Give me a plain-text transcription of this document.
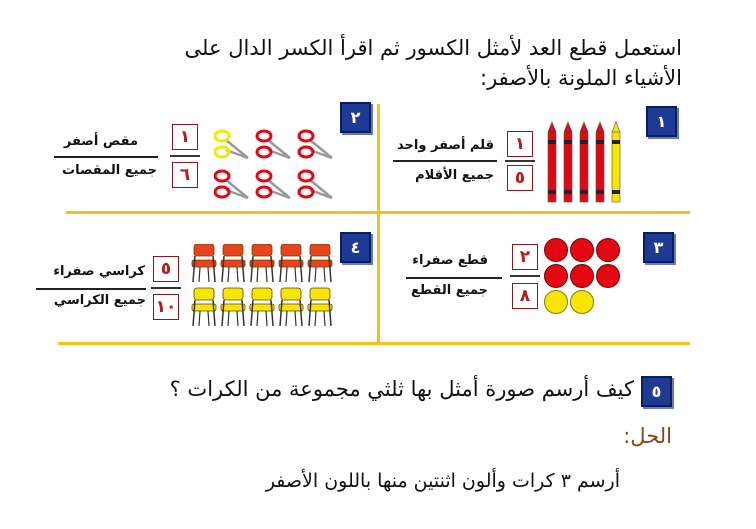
استعمل قطع العد لأمثل الكسور ثم اقرأ الكسر الدال على
الأشياء الملونة بالأصفر:
١
١
٥
قلم أصفر واحد
جميع الأقلام
٢
١
٦
مقص أصفر
جميع المقصات
٣
٢
٨
قطع صفراء
جميع القطع
٤
٥
١٠
كراسي صفراء
جميع الكراسي
٥
كيف أرسم صورة أمثل بها ثلثي مجموعة من الكرات ؟
الحل:
أرسم ٣ كرات وألون اثنتين منها باللون الأصفر
